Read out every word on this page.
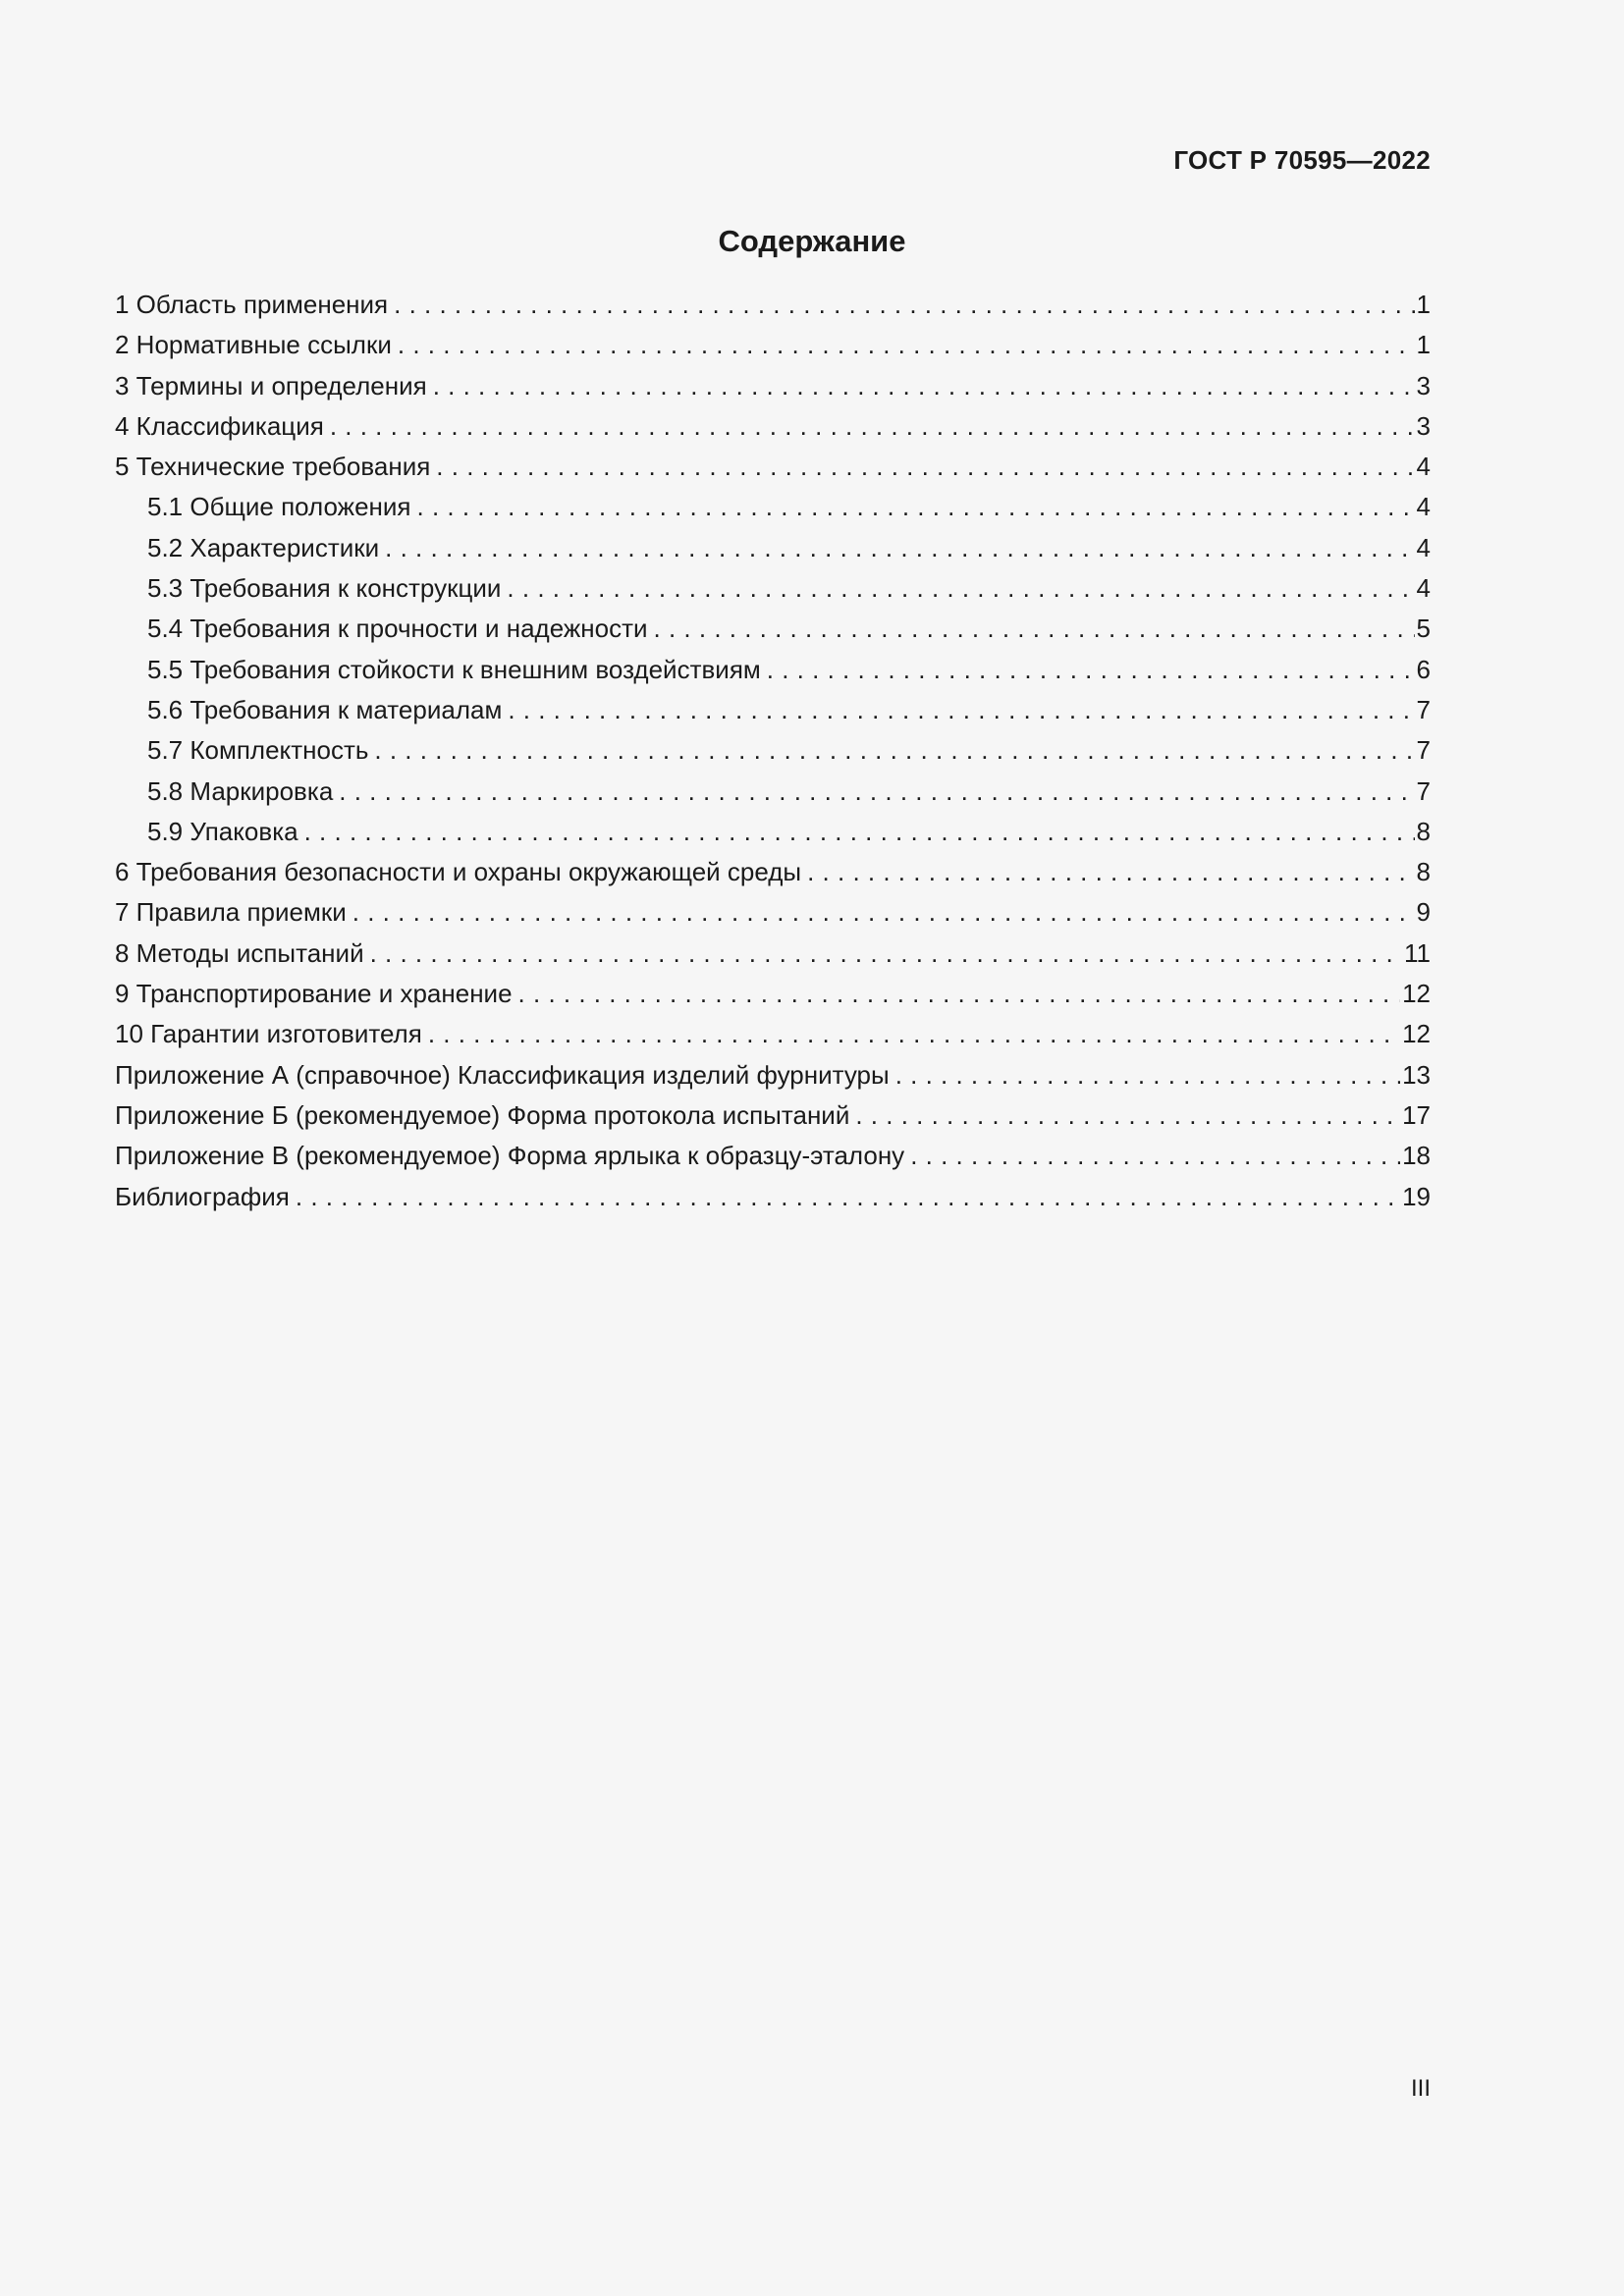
ГОСТ Р 70595—2022
Содержание
1 Область применения . . .	1
2 Нормативные ссылки . . .	1
3 Термины и определения . . .	3
4 Классификация . . .	3
5 Технические требования . . .	4
5.1 Общие положения . . .	4
5.2 Характеристики . . .	4
5.3 Требования к конструкции . . .	4
5.4 Требования к прочности и надежности . . .	5
5.5 Требования стойкости к внешним воздействиям . . .	6
5.6 Требования к материалам . . .	7
5.7 Комплектность . . .	7
5.8 Маркировка . . .	7
5.9 Упаковка . . .	8
6 Требования безопасности и охраны окружающей среды . . .	8
7 Правила приемки . . .	9
8 Методы испытаний . . .	11
9 Транспортирование и хранение . . .	12
10 Гарантии изготовителя . . .	12
Приложение А (справочное) Классификация изделий фурнитуры . . .	13
Приложение Б (рекомендуемое) Форма протокола испытаний . . .	17
Приложение В (рекомендуемое) Форма ярлыка к образцу-эталону . . .	18
Библиография . . .	19
III
